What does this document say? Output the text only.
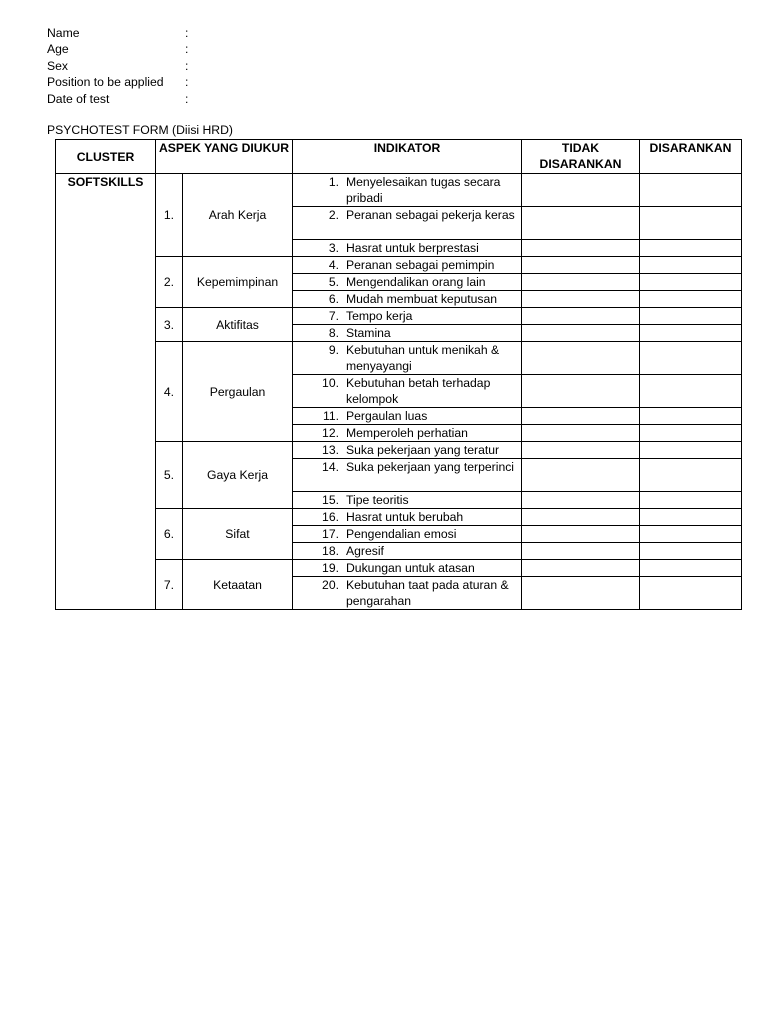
Name	:
Age	:
Sex	:
Position to be applied :
Date of test	:
PSYCHOTEST FORM (Diisi HRD)
CLUSTER	ASPEK YANG DIUKUR		INDIKATOR	TIDAK DISARANKAN	DISARANKAN
SOFTSKILLS	1.	Arah Kerja	1. Menyelesaikan tugas secara pribadi		

			2. Peranan sebagai pekerja keras		

			3. Hasrat untuk berprestasi		

	2.	Kepemimpinan	4. Peranan sebagai pemimpin		

			5. Mengendalikan orang lain		

			6. Mudah membuat keputusan		

	3.	Aktifitas	7. Tempo kerja		

			8. Stamina		

	4.	Pergaulan	9. Kebutuhan untuk menikah & menyayangi		

			10. Kebutuhan betah terhadap kelompok		

			11. Pergaulan luas		

			12. Memperoleh perhatian		

	5.	Gaya Kerja	13. Suka pekerjaan yang teratur		

			14. Suka pekerjaan yang terperinci		

			15. Tipe teoritis		

	6.	Sifat	16. Hasrat untuk berubah		

			17. Pengendalian emosi		

			18. Agresif		

	7.	Ketaatan	19. Dukungan untuk atasan		

			20. Kebutuhan taat pada aturan & pengarahan		
